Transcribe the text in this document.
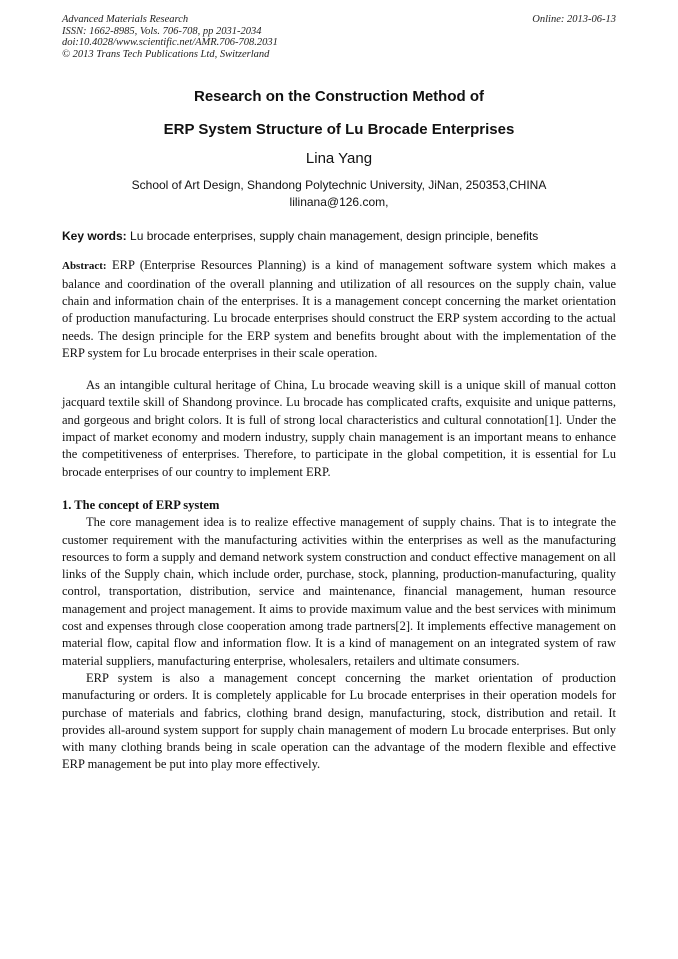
Advanced Materials Research
ISSN: 1662-8985, Vols. 706-708, pp 2031-2034
doi:10.4028/www.scientific.net/AMR.706-708.2031
© 2013 Trans Tech Publications Ltd, Switzerland
Online: 2013-06-13
Research on the Construction Method of
ERP System Structure of Lu Brocade Enterprises
Lina Yang
School of Art Design, Shandong Polytechnic University, JiNan, 250353,CHINA
lilinana@126.com,
Key words: Lu brocade enterprises, supply chain management, design principle, benefits

Abstract: ERP (Enterprise Resources Planning) is a kind of management software system which makes a balance and coordination of the overall planning and utilization of all resources on the supply chain, value chain and information chain of the enterprises. It is a management concept concerning the market orientation of production manufacturing. Lu brocade enterprises should construct the ERP system according to the actual needs. The design principle for the ERP system and benefits brought about with the implementation of the ERP system for Lu brocade enterprises in their scale operation.

As an intangible cultural heritage of China, Lu brocade weaving skill is a unique skill of manual cotton jacquard textile skill of Shandong province. Lu brocade has complicated crafts, exquisite and unique patterns, and gorgeous and bright colors. It is full of strong local characteristics and cultural connotation[1]. Under the impact of market economy and modern industry, supply chain management is an important means to enhance the competitiveness of enterprises. Therefore, to participate in the global competition, it is essential for Lu brocade enterprises of our country to implement ERP.

1. The concept of ERP system

The core management idea is to realize effective management of supply chains. That is to integrate the customer requirement with the manufacturing activities within the enterprises as well as the manufacturing resources to form a supply and demand network system construction and conduct effective management on all links of the Supply chain, which include order, purchase, stock, planning, production-manufacturing, quality control, transportation, distribution, service and maintenance, financial management, human resource management and project management. It aims to provide maximum value and the best services with minimum cost and expenses through close cooperation among trade partners[2]. It implements effective management on material flow, capital flow and information flow. It is a kind of management on an integrated system of raw material suppliers, manufacturing enterprise, wholesalers, retailers and ultimate consumers.

ERP system is also a management concept concerning the market orientation of production manufacturing or orders. It is completely applicable for Lu brocade enterprises in their operation models for purchase of materials and fabrics, clothing brand design, manufacturing, stock, distribution and retail. It provides all-around system support for supply chain management of modern Lu brocade enterprises. But only with many clothing brands being in scale operation can the advantage of the modern flexible and effective ERP management be put into play more effectively.
